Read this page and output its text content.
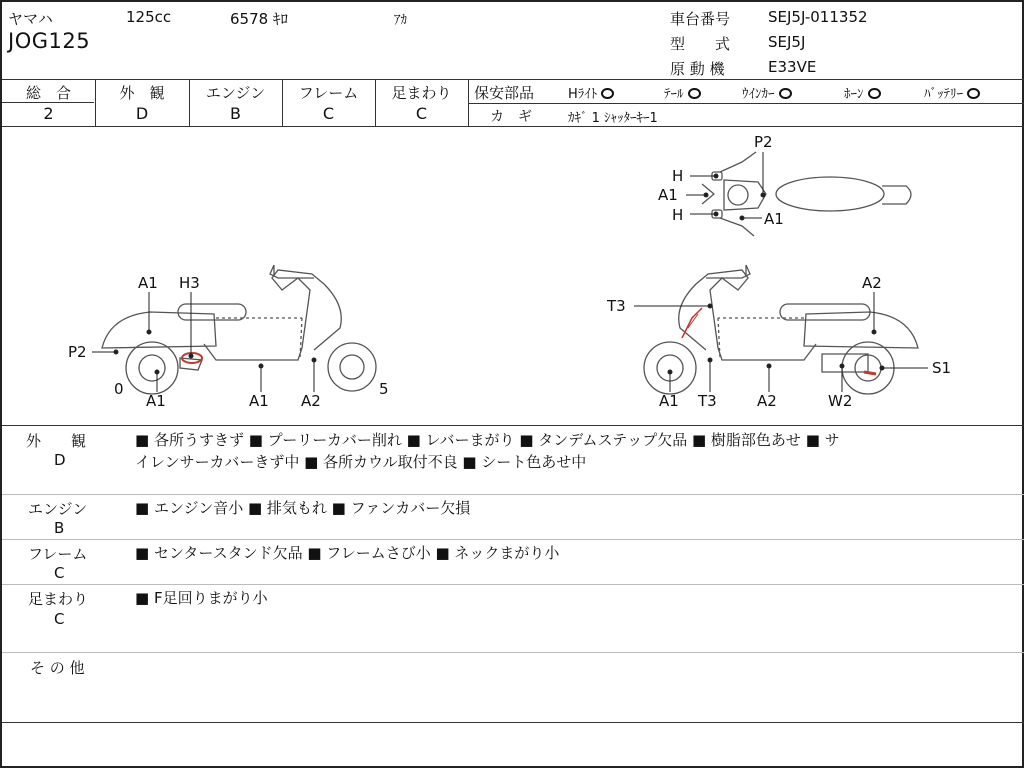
ヤマハ	125cc	6578 ｷﾛ	ｱｶ
JOG125
車台番号	SEJ5J-011352
型　　式	SEJ5J
原 動 機	E33VE
総　合
2
外　観
D
エンジン
B
フレーム
C
足まわり
C
保安部品	Hﾗｲﾄ	ﾃｰﾙ	ｳｲﾝｶｰ	ﾎｰﾝ	ﾊﾞｯﾃﾘｰ
カ　ギ	ｶｷﾞ 1 ｼｬｯﾀｰｷｰ1
A1 H3
P2
0
A1	A1 A2
5
T3
A2
S1
A1 T3	A2	W2
P2
H
A1
H	A1
外　　観
D
■ 各所うすきず ■ プーリーカバー削れ ■ レバーまがり ■ タンデムステップ欠品 ■ 樹脂部色あせ ■ サ
イレンサーカバーきず中 ■ 各所カウル取付不良 ■ シート色あせ中
エンジン
B
■ エンジン音小 ■ 排気もれ ■ ファンカバー欠損
フレーム
C
■ センタースタンド欠品 ■ フレームさび小 ■ ネックまがり小
足まわり
C
■ F足回りまがり小
そ の 他
